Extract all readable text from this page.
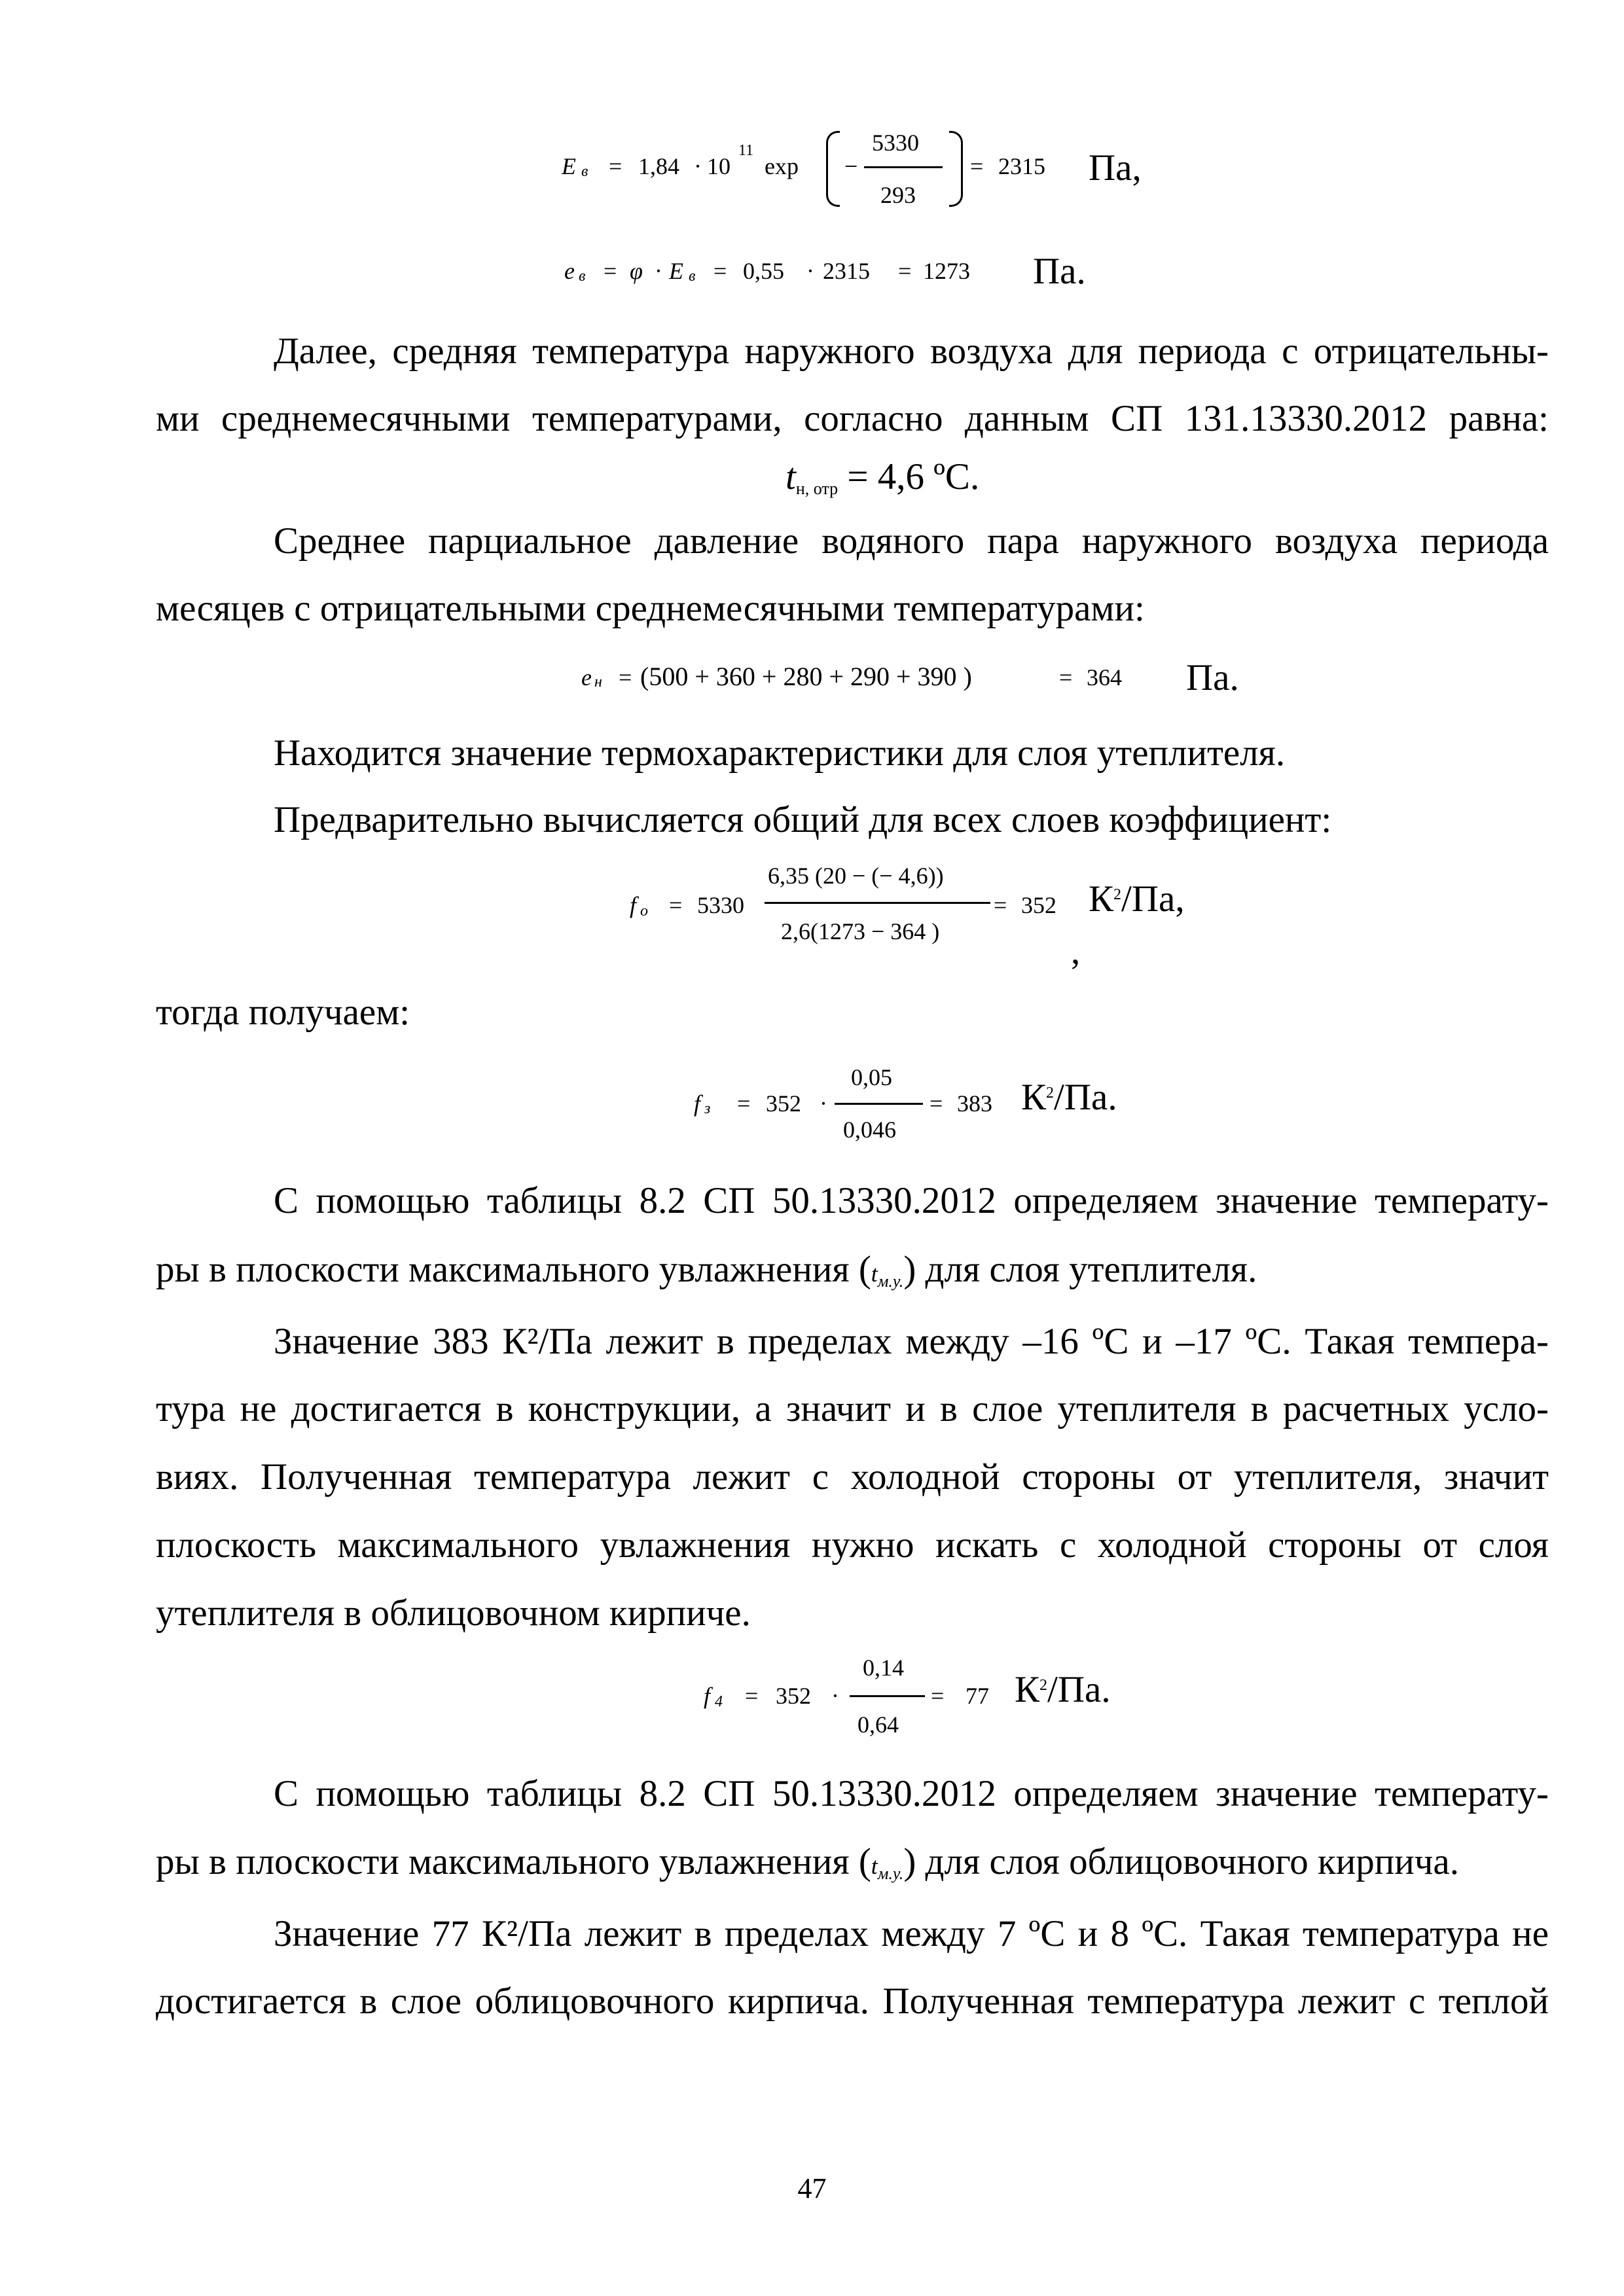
E в = 1,84 · 10
11
exp −
5330
293
= 2315 Па,
e в = φ · E в = 0,55 · 2315 = 1273 Па.

Далее, средняя температура наружного воздуха для периода с отрицательны-

ми среднемесячными температурами, согласно данным СП 131.13330.2012 равна:

$t_{н, отр} = 4,6$ ºС.

Среднее парциальное давление водяного пара наружного воздуха периода

месяцев с отрицательными среднемесячными температурами:

e н = (500 + 360 + 280 + 290 + 390 )	= 364 Па.

Находится значение термохарактеристики для слоя утеплителя.

Предварительно вычисляется общий для всех слоев коэффициент:

f о = 5330
6,35 (20 − (− 4,6))
2,6(1273 − 364 )
= 352 $К^2/Па$,
,

тогда получаем:

f з = 352 ·
0,05
0,046
= 383 $К^2/Па$.

С помощью таблицы 8.2 СП 50.13330.2012 определяем значение температу-

ры в плоскости максимального увлажнения $(t_{м.у.})$ для слоя утеплителя.

Значение 383 К²/Па лежит в пределах между –16 ºС и –17 ºС. Такая темпера-

тура не достигается в конструкции, а значит и в слое утеплителя в расчетных усло-

виях. Полученная температура лежит с холодной стороны от утеплителя, значит

плоскость максимального увлажнения нужно искать с холодной стороны от слоя

утеплителя в облицовочном кирпиче.

f 4 = 352 ·
0,14
0,64
= 77 $К^2/Па$.

С помощью таблицы 8.2 СП 50.13330.2012 определяем значение температу-

ры в плоскости максимального увлажнения $(t_{м.у.})$ для слоя облицовочного кирпича.

Значение 77 К²/Па лежит в пределах между 7 ºС и 8 ºС. Такая температура не

достигается в слое облицовочного кирпича. Полученная температура лежит с теплой

47
